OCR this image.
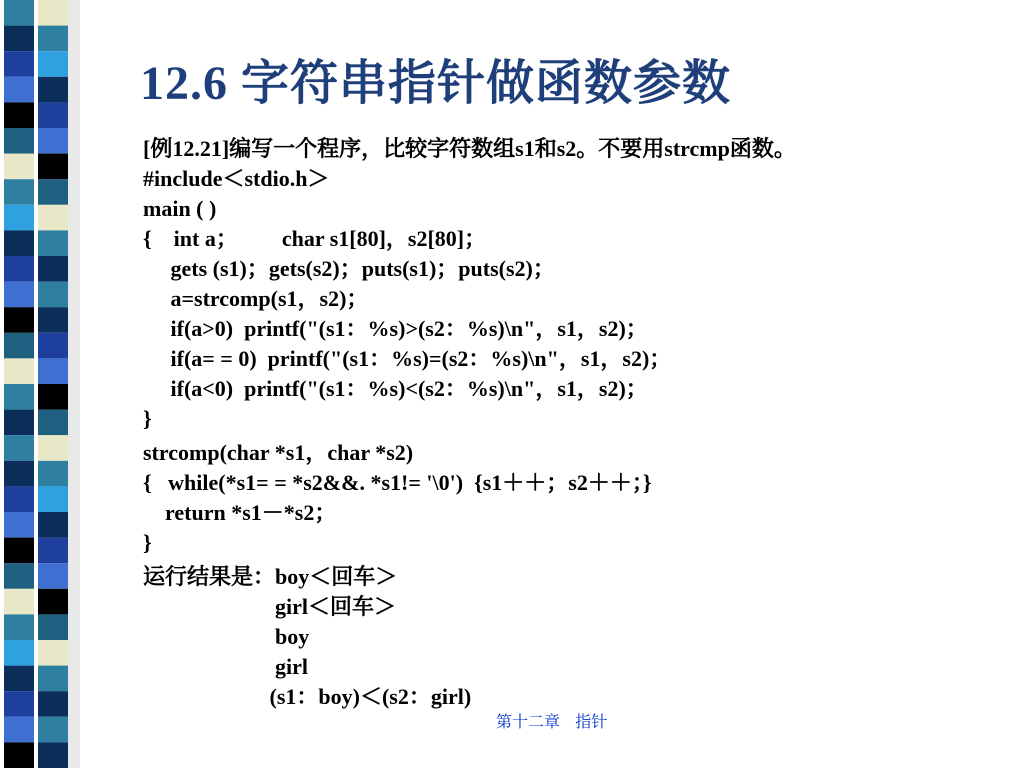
12.6 字符串指针做函数参数
[例12.21]编写一个程序，比较字符数组s1和s2。不要用strcmp函数。
#include＜stdio.h＞
main ( )
{    int a；        char s1[80]，s2[80]；
gets (s1)；gets(s2)；puts(s1)；puts(s2)；
a=strcomp(s1，s2)；
if(a>0)  printf("(s1：%s)>(s2：%s)\n"，s1，s2)；
if(a= = 0)  printf("(s1：%s)=(s2：%s)\n"，s1，s2)；
if(a<0)  printf("(s1：%s)<(s2：%s)\n"，s1，s2)；
}
strcomp(char *s1，char *s2)
{   while(*s1= = *s2&&. *s1!= '\0')  {s1＋＋；s2＋＋；}
return *s1－*s2；
}
运行结果是：boy＜回车＞
girl＜回车＞
boy
girl
(s1：boy)＜(s2：girl)
第十二章   指针
